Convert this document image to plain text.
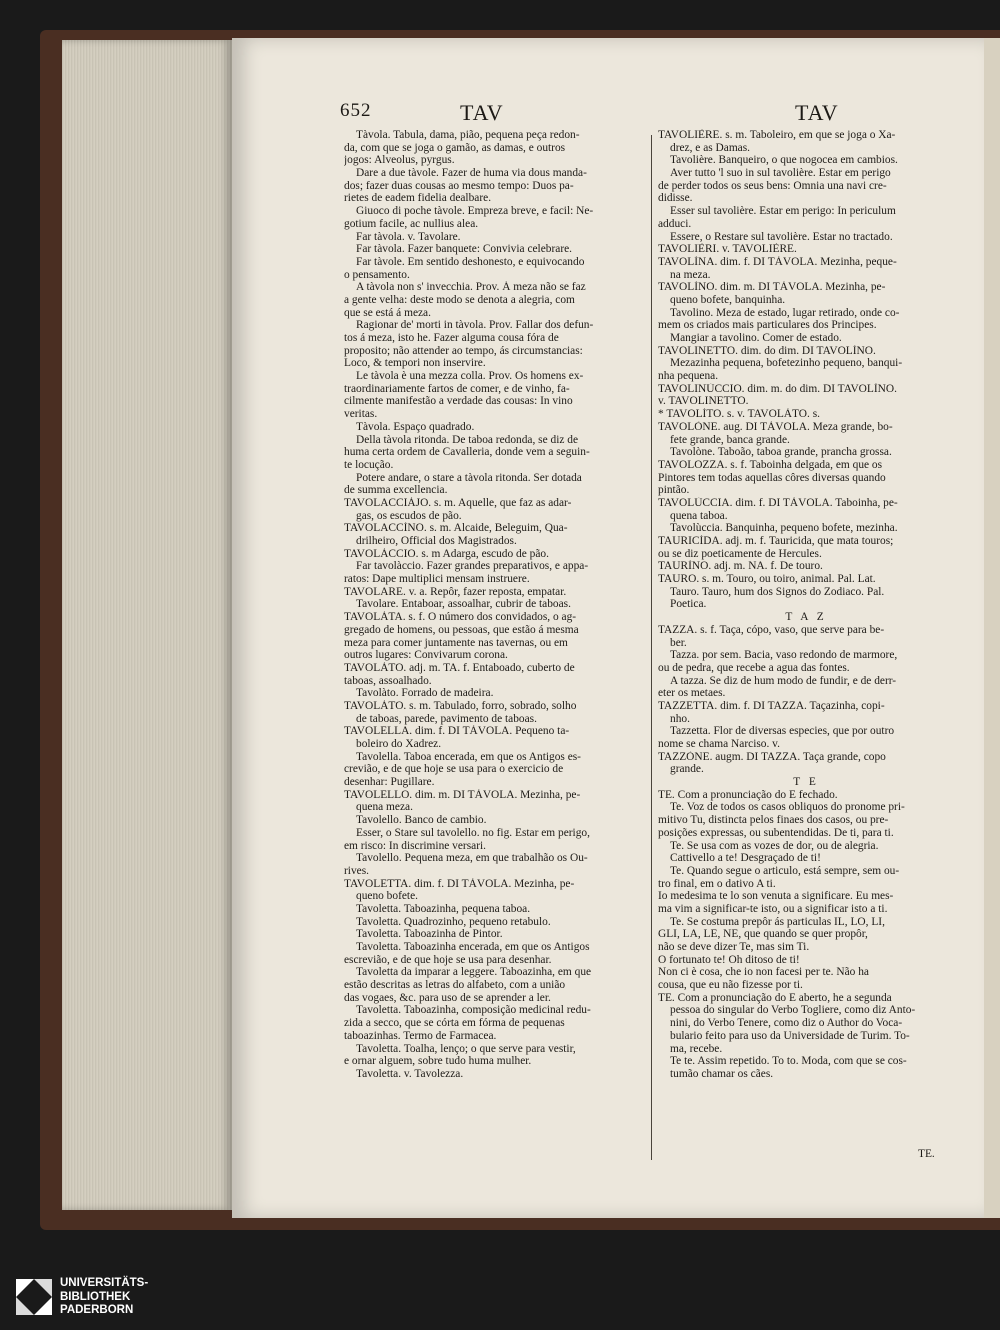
652	TAV	TAV
Tàvola. Tabula, dama, pião, pequena peça redon-
da, com que se joga o gamão, as damas, e outros
jogos: Alveolus, pyrgus.
Dare a due tàvole. Fazer de huma via dous manda-
dos; fazer duas cousas ao mesmo tempo: Duos pa-
rietes de eadem fidelia dealbare.
Giuoco di poche tàvole. Empreza breve, e facil: Ne-
gotium facile, ac nullius alea.
Far tàvola. v. Tavolare.
Far tàvola. Fazer banquete: Convivia celebrare.
Far tàvole. Em sentido deshonesto, e equivocando
o pensamento.
A tàvola non s' invecchia. Prov. Á meza não se faz
a gente velha: deste modo se denota a alegria, com
que se está á meza.
Ragionar de' morti in tàvola. Prov. Fallar dos defun-
tos á meza, isto he. Fazer alguma cousa fóra de
proposito; não attender ao tempo, ás circumstancias:
Loco, & tempori non inservire.
Le tàvola è una mezza colla. Prov. Os homens ex-
traordinariamente fartos de comer, e de vinho, fa-
cilmente manifestão a verdade das cousas: In vino
veritas.
Tàvola. Espaço quadrado.
Della tàvola ritonda. De taboa redonda, se diz de
huma certa ordem de Cavalleria, donde vem a seguin-
te locução.
Potere andare, o stare a tàvola ritonda. Ser dotada
de summa excellencia.
TAVOLACCIÀJO. s. m. Aquelle, que faz as adar-
gas, os escudos de pão.
TAVOLACCÌNO. s. m. Alcaide, Beleguim, Qua-
drilheiro, Official dos Magistrados.
TAVOLÀCCIO. s. m Adarga, escudo de pão.
Far tavolàccio. Fazer grandes preparativos, e appa-
ratos: Dape multiplici mensam instruere.
TAVOLARE. v. a. Repôr, fazer reposta, empatar.
Tavolare. Entaboar, assoalhar, cubrir de taboas.
TAVOLÀTA. s. f. O número dos convidados, o ag-
gregado de homens, ou pessoas, que estão á mesma
meza para comer juntamente nas tavernas, ou em
outros lugares: Convivarum corona.
TAVOLÀTO. adj. m. TA. f. Entaboado, cuberto de
taboas, assoalhado.
Tavolàto. Forrado de madeira.
TAVOLÀTO. s. m. Tabulado, forro, sobrado, solho
de taboas, parede, pavimento de taboas.
TAVOLELLA. dim. f. DI TÀVOLA. Pequeno ta-
boleiro do Xadrez.
Tavolella. Taboa encerada, em que os Antigos es-
crevião, e de que hoje se usa para o exercicio de
desenhar: Pugillare.
TAVOLELLO. dim. m. DI TÀVOLA. Mezinha, pe-
quena meza.
Tavolello. Banco de cambio.
Esser, o Stare sul tavolello. no fig. Estar em perigo,
em risco: In discrimine versari.
Tavolello. Pequena meza, em que trabalhão os Ou-
rives.
TAVOLETTA. dim. f. DI TÀVOLA. Mezinha, pe-
queno bofete.
Tavoletta. Taboazinha, pequena taboa.
Tavoletta. Quadrozinho, pequeno retabulo.
Tavoletta. Taboazinha de Pintor.
Tavoletta. Taboazinha encerada, em que os Antigos
escrevião, e de que hoje se usa para desenhar.
Tavoletta da imparar a leggere. Taboazinha, em que
estão descritas as letras do alfabeto, com a união
das vogaes, &c. para uso de se aprender a ler.
Tavoletta. Taboazinha, composição medicinal redu-
zida a secco, que se córta em fórma de pequenas
taboazinhas. Termo de Farmacea.
Tavoletta. Toalha, lenço; o que serve para vestir,
e ornar alguem, sobre tudo huma mulher.
Tavoletta. v. Tavolezza.
TAVOLIÈRE. s. m. Taboleiro, em que se joga o Xa-
drez, e as Damas.
Tavolière. Banqueiro, o que nogocea em cambios.
Aver tutto 'l suo in sul tavolière. Estar em perigo
de perder todos os seus bens: Omnia una navi cre-
didisse.
Esser sul tavolière. Estar em perigo: In periculum
adduci.
Essere, o Restare sul tavolière. Estar no tractado.
TAVOLIÈRI. v. TAVOLIÈRE.
TAVOLÌNA. dim. f. DI TÀVOLA. Mezinha, peque-
na meza.
TAVOLÌNO. dim. m. DI TÀVOLA. Mezinha, pe-
queno bofete, banquinha.
Tavolino. Meza de estado, lugar retirado, onde co-
mem os criados mais particulares dos Principes.
Mangiar a tavolino. Comer de estado.
TAVOLINETTO. dim. do dim. DI TAVOLÌNO.
Mezazinha pequena, bofetezinho pequeno, banqui-
nha pequena.
TAVOLINÙCCIO. dim. m. do dim. DI TAVOLÌNO.
v. TAVOLINETTO.
* TAVOLÌTO. s. v. TAVOLÀTO. s.
TAVOLÒNE. aug. DI TÀVOLA. Meza grande, bo-
fete grande, banca grande.
Tavolòne. Taboão, taboa grande, prancha grossa.
TAVOLOZZA. s. f. Taboinha delgada, em que os
Pintores tem todas aquellas côres diversas quando
pintão.
TAVOLÙCCIA. dim. f. DI TÀVOLA. Taboinha, pe-
quena taboa.
Tavolùccia. Banquinha, pequeno bofete, mezinha.
TAURICÌDA. adj. m. f. Tauricida, que mata touros;
ou se diz poeticamente de Hercules.
TAURÌNO. adj. m. NA. f. De touro.
TAURO. s. m. Touro, ou toiro, animal. Pal. Lat.
Tauro. Tauro, hum dos Signos do Zodiaco. Pal.
Poetica.
T A Z
TAZZA. s. f. Taça, cópo, vaso, que serve para be-
ber.
Tazza. por sem. Bacia, vaso redondo de marmore,
ou de pedra, que recebe a agua das fontes.
A tazza. Se diz de hum modo de fundir, e de derr-
eter os metaes.
TAZZETTA. dim. f. DI TAZZA. Taçazinha, copi-
nho.
Tazzetta. Flor de diversas especies, que por outro
nome se chama Narciso. v.
TAZZÒNE. augm. DI TAZZA. Taça grande, copo
grande.
T E
TE. Com a pronunciação do E fechado.
Te. Voz de todos os casos obliquos do pronome pri-
mitivo Tu, distincta pelos finaes dos casos, ou pre-
posições expressas, ou subentendidas. De ti, para ti.
Te. Se usa com as vozes de dor, ou de alegria.
Cattivello a te! Desgraçado de ti!
Te. Quando segue o articulo, está sempre, sem ou-
tro final, em o dativo A ti.
Io medesima te lo son venuta a significare. Eu mes-
ma vim a significar-te isto, ou a significar isto a ti.
Te. Se costuma prepôr ás particulas IL, LO, LI,
GLI, LA, LE, NE, que quando se quer propôr,
não se deve dizer Te, mas sim Ti.
O fortunato te! Oh ditoso de ti!
Non ci è cosa, che io non facesi per te. Não ha
cousa, que eu não fizesse por ti.
TE. Com a pronunciação do E aberto, he a segunda
pessoa do singular do Verbo Togliere, como diz Anto-
nini, do Verbo Tenere, como diz o Author do Voca-
bulario feito para uso da Universidade de Turim. To-
ma, recebe.
Te te. Assim repetido. To to. Moda, com que se cos-
tumão chamar os cães.
TE.
UNIVERSITÄTS-
BIBLIOTHEK
PADERBORN
